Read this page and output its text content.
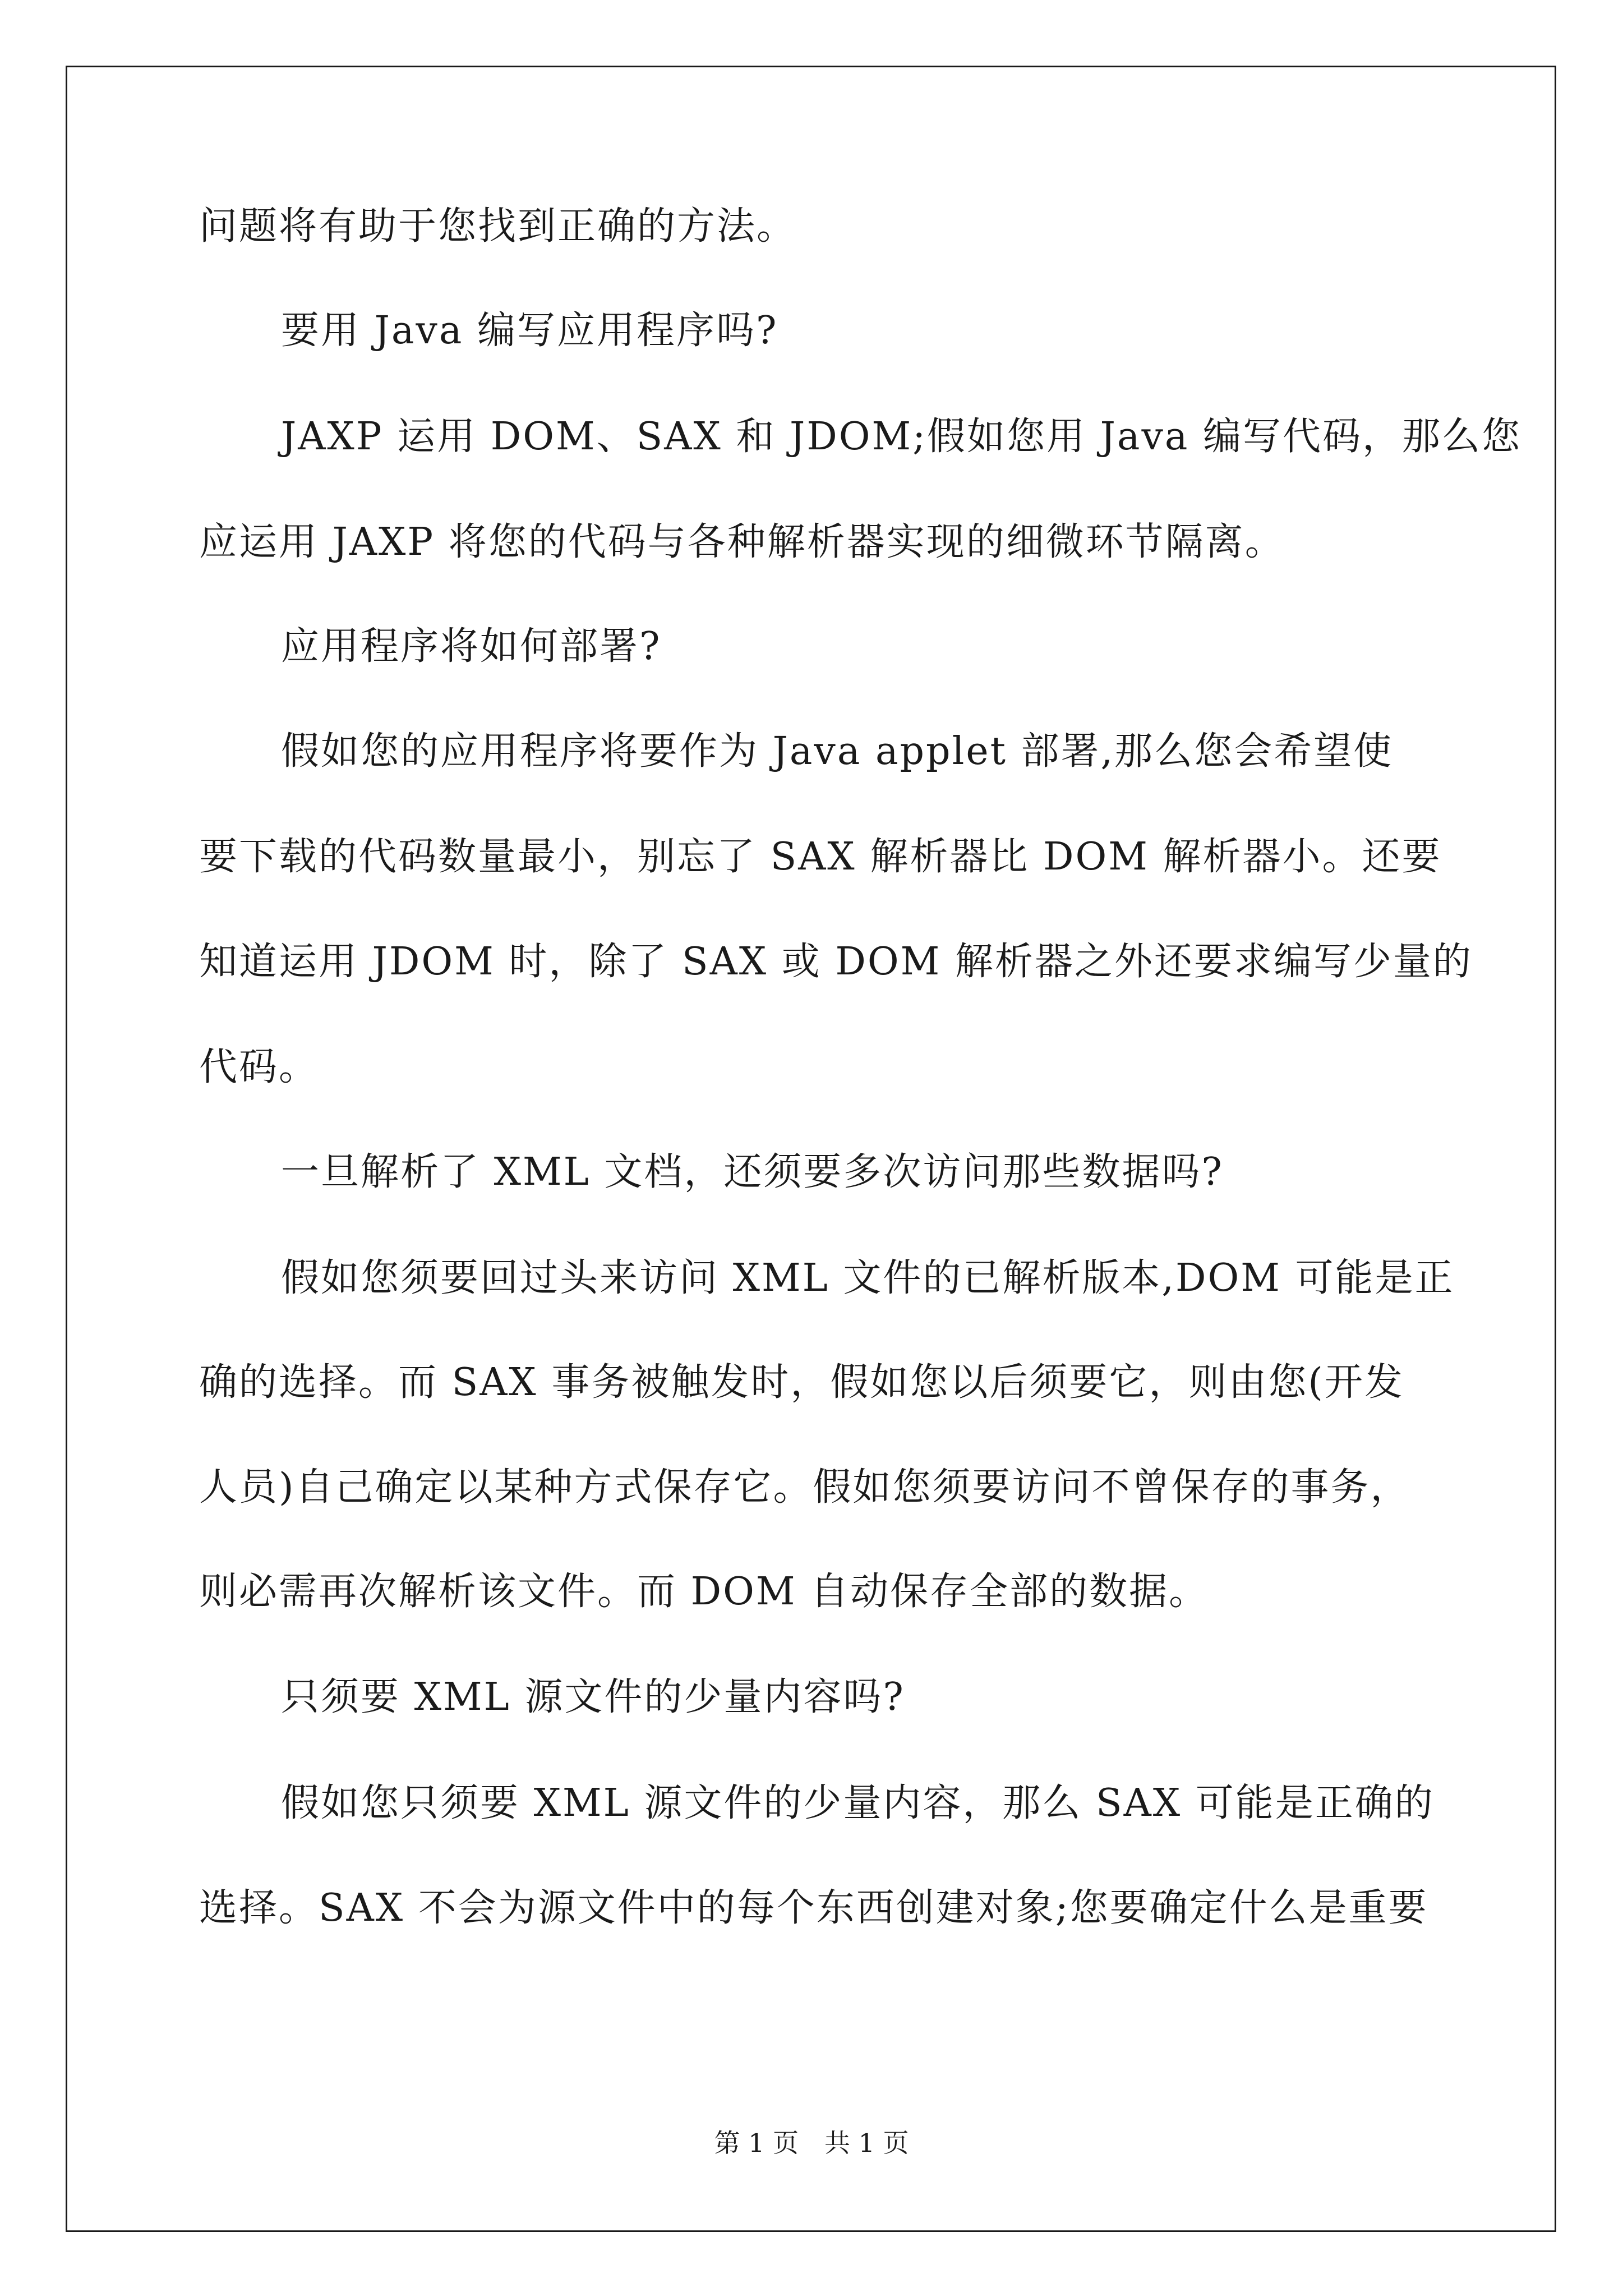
问题将有助于您找到正确的方法。
要用 Java 编写应用程序吗?
JAXP 运用 DOM、SAX 和 JDOM;假如您用 Java 编写代码，那么您
应运用 JAXP 将您的代码与各种解析器实现的细微环节隔离。
应用程序将如何部署?
假如您的应用程序将要作为 Java applet 部署,那么您会希望使
要下载的代码数量最小，别忘了 SAX 解析器比 DOM 解析器小。还要
知道运用 JDOM 时，除了 SAX 或 DOM 解析器之外还要求编写少量的
代码。
一旦解析了 XML 文档，还须要多次访问那些数据吗?
假如您须要回过头来访问 XML 文件的已解析版本,DOM 可能是正
确的选择。而 SAX 事务被触发时，假如您以后须要它，则由您(开发
人员)自己确定以某种方式保存它。假如您须要访问不曾保存的事务，
则必需再次解析该文件。而 DOM 自动保存全部的数据。
只须要 XML 源文件的少量内容吗?
假如您只须要 XML 源文件的少量内容，那么 SAX 可能是正确的
选择。SAX 不会为源文件中的每个东西创建对象;您要确定什么是重要
第 1 页　共 1 页
